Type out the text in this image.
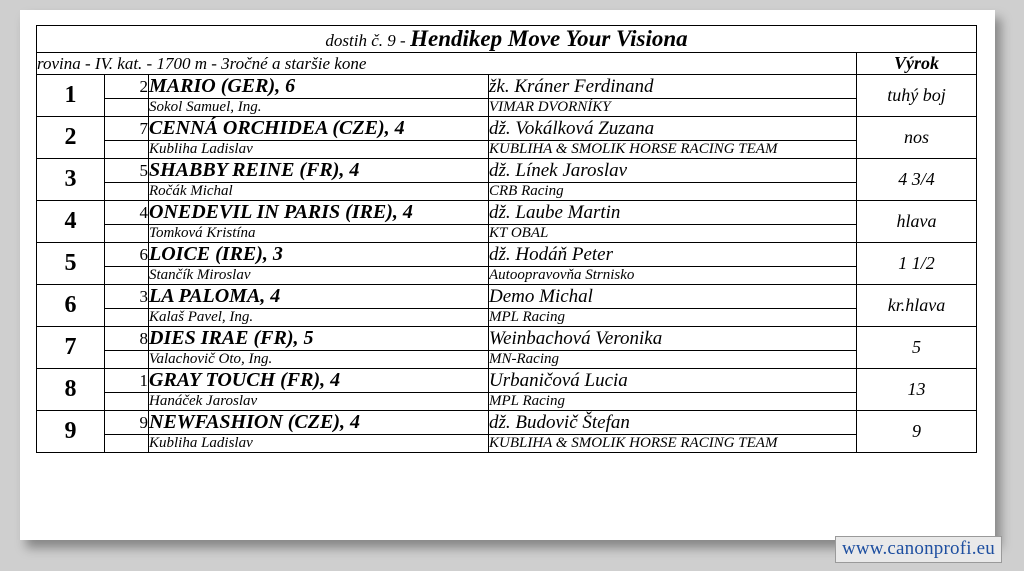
dostih č. 9 - Hendikep Move Your Visiona				
rovina - IV. kat. - 1700 m - 3ročné a staršie kone				Výrok
1	2	MARIO (GER), 6	žk. Kráner Ferdinand	tuhý boj
		Sokol Samuel, Ing.	VIMAR DVORNÍKY	
2	7	CENNÁ ORCHIDEA (CZE), 4	dž. Vokálková Zuzana	nos
		Kubliha Ladislav	KUBLIHA & SMOLIK HORSE RACING TEAM	
3	5	SHABBY REINE (FR), 4	dž. Línek Jaroslav	4 3/4
		Ročák Michal	CRB Racing	
4	4	ONEDEVIL IN PARIS (IRE), 4	dž. Laube Martin	hlava
		Tomková Kristína	KT OBAL	
5	6	LOICE (IRE), 3	dž. Hodáň Peter	1 1/2
		Stančík Miroslav	Autoopravovňa Strnisko	
6	3	LA PALOMA, 4	Demo Michal	kr.hlava
		Kalaš Pavel, Ing.	MPL Racing	
7	8	DIES IRAE (FR), 5	Weinbachová Veronika	5
		Valachovič Oto, Ing.	MN-Racing	
8	1	GRAY TOUCH (FR), 4	Urbaničová Lucia	13
		Hanáček Jaroslav	MPL Racing	
9	9	NEWFASHION (CZE), 4	dž. Budovič Štefan	9
		Kubliha Ladislav	KUBLIHA & SMOLIK HORSE RACING TEAM	
www.canonprofi.eu
